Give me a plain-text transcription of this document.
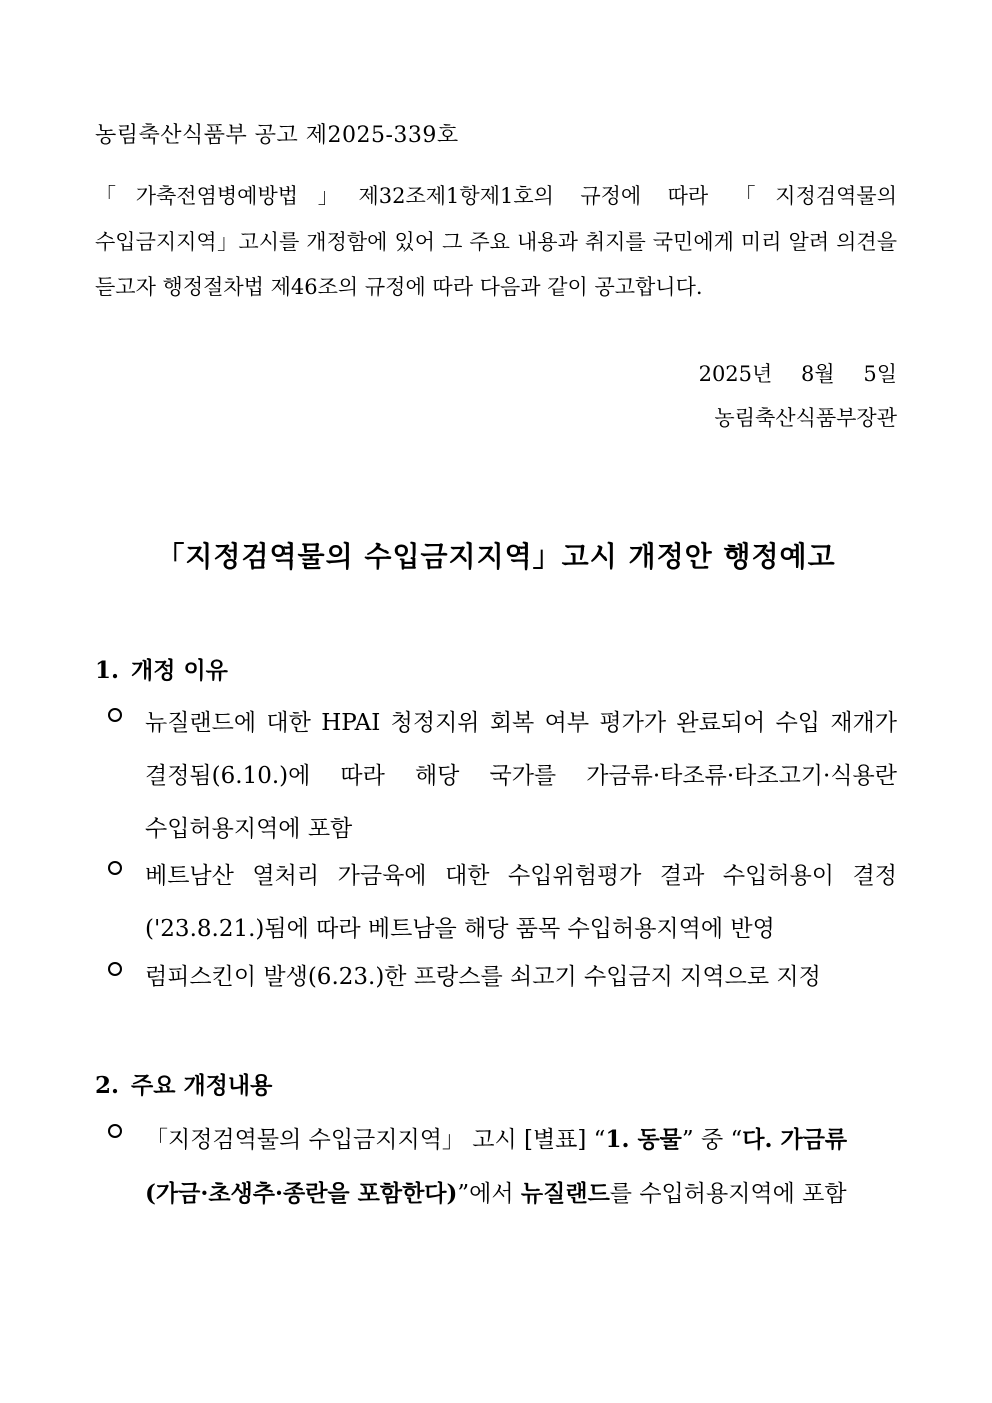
농림축산식품부 공고 제2025-339호

「가축전염병예방법」제32조제1항제1호의 규정에 따라 「지정검역물의 수입금지지역」고시를 개정함에 있어 그 주요 내용과 취지를 국민에게 미리 알려 의견을 듣고자 행정절차법 제46조의 규정에 따라 다음과 같이 공고합니다.

2025년 8월 5일
농림축산식품부장관
「지정검역물의 수입금지지역」고시 개정안 행정예고
1. 개정 이유

뉴질랜드에 대한 HPAI 청정지위 회복 여부 평가가 완료되어 수입 재개가 결정됨(6.10.)에 따라 해당 국가를 가금류·타조류·타조고기·식용란 수입허용지역에 포함

베트남산 열처리 가금육에 대한 수입위험평가 결과 수입허용이 결정('23.8.21.)됨에 따라 베트남을 해당 품목 수입허용지역에 반영

럼피스킨이 발생(6.23.)한 프랑스를 쇠고기 수입금지 지역으로 지정

2. 주요 개정내용

「지정검역물의 수입금지지역」 고시 [별표] “1. 동물” 중 “다. 가금류(가금·초생추·종란을 포함한다)”에서 뉴질랜드를 수입허용지역에 포함
